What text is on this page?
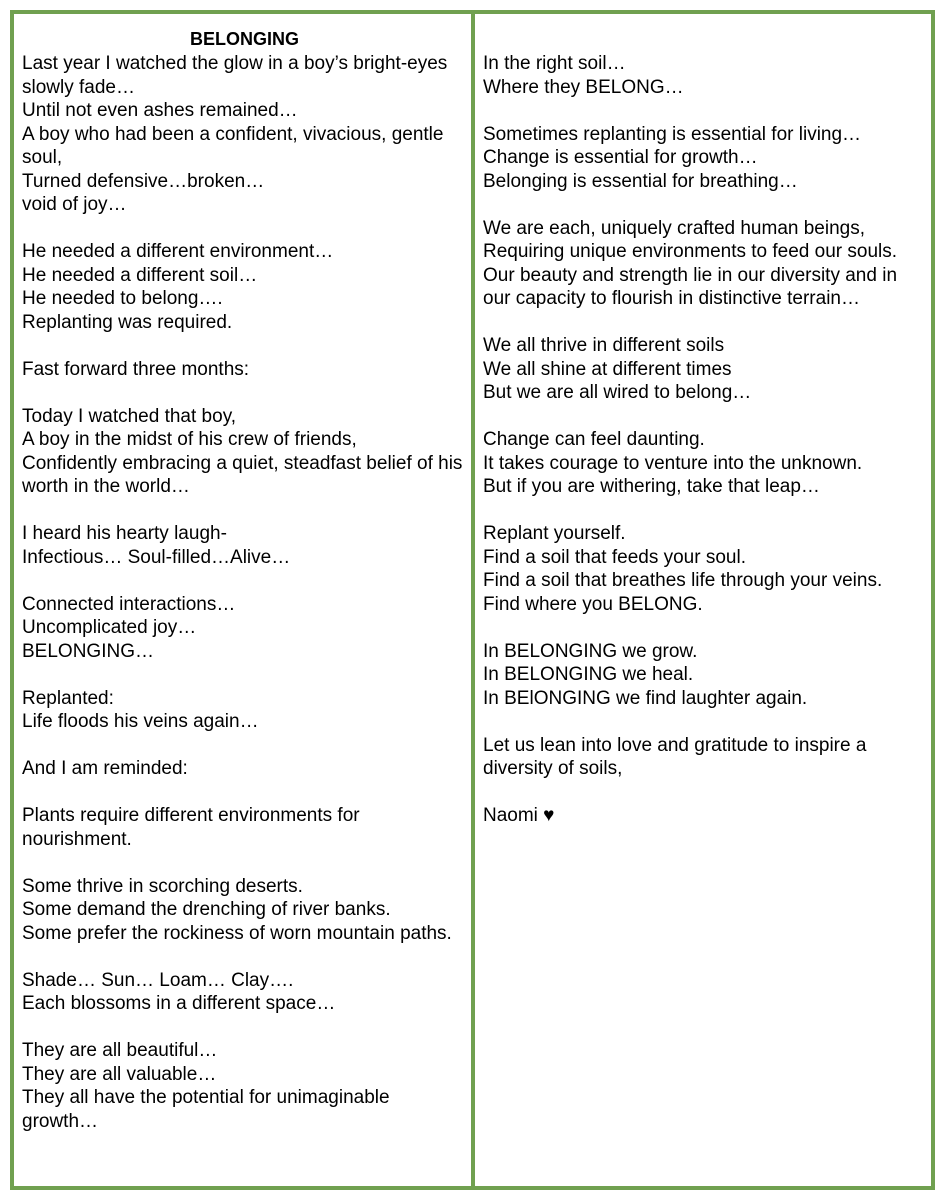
BELONGING
Last year I watched the glow in a boy’s bright-eyes slowly fade…
Until not even ashes remained…
A boy who had been a confident, vivacious, gentle soul,
Turned defensive…broken…
void of joy…
He needed a different environment…
He needed a different soil…
He needed to belong….
Replanting was required.
Fast forward three months:
Today I watched that boy,
A boy in the midst of his crew of friends,
Confidently embracing a quiet, steadfast belief of his worth in the world…
I heard his hearty laugh-
Infectious… Soul-filled…Alive…
Connected interactions…
Uncomplicated joy…
BELONGING…
Replanted:
Life floods his veins again…
And I am reminded:
Plants require different environments for nourishment.
Some thrive in scorching deserts.
Some demand the drenching of river banks.
Some prefer the rockiness of worn mountain paths.
Shade… Sun… Loam… Clay….
Each blossoms in a different space…
They are all beautiful…
They are all valuable…
They all have the potential for unimaginable growth…
In the right soil…
Where they BELONG…
Sometimes replanting is essential for living…
Change is essential for growth…
Belonging is essential for breathing…
We are each, uniquely crafted human beings,
Requiring unique environments to feed our souls.
Our beauty and strength lie in our diversity and in our capacity to flourish in distinctive terrain…
We all thrive in different soils
We all shine at different times
But we are all wired to belong…
Change can feel daunting.
It takes courage to venture into the unknown.
But if you are withering, take that leap…
Replant yourself.
Find a soil that feeds your soul.
Find a soil that breathes life through your veins.
Find where you BELONG.
In BELONGING we grow.
In BELONGING we heal.
In BElONGING we find laughter again.
Let us lean into love and gratitude to inspire a diversity of soils,
Naomi ♥
